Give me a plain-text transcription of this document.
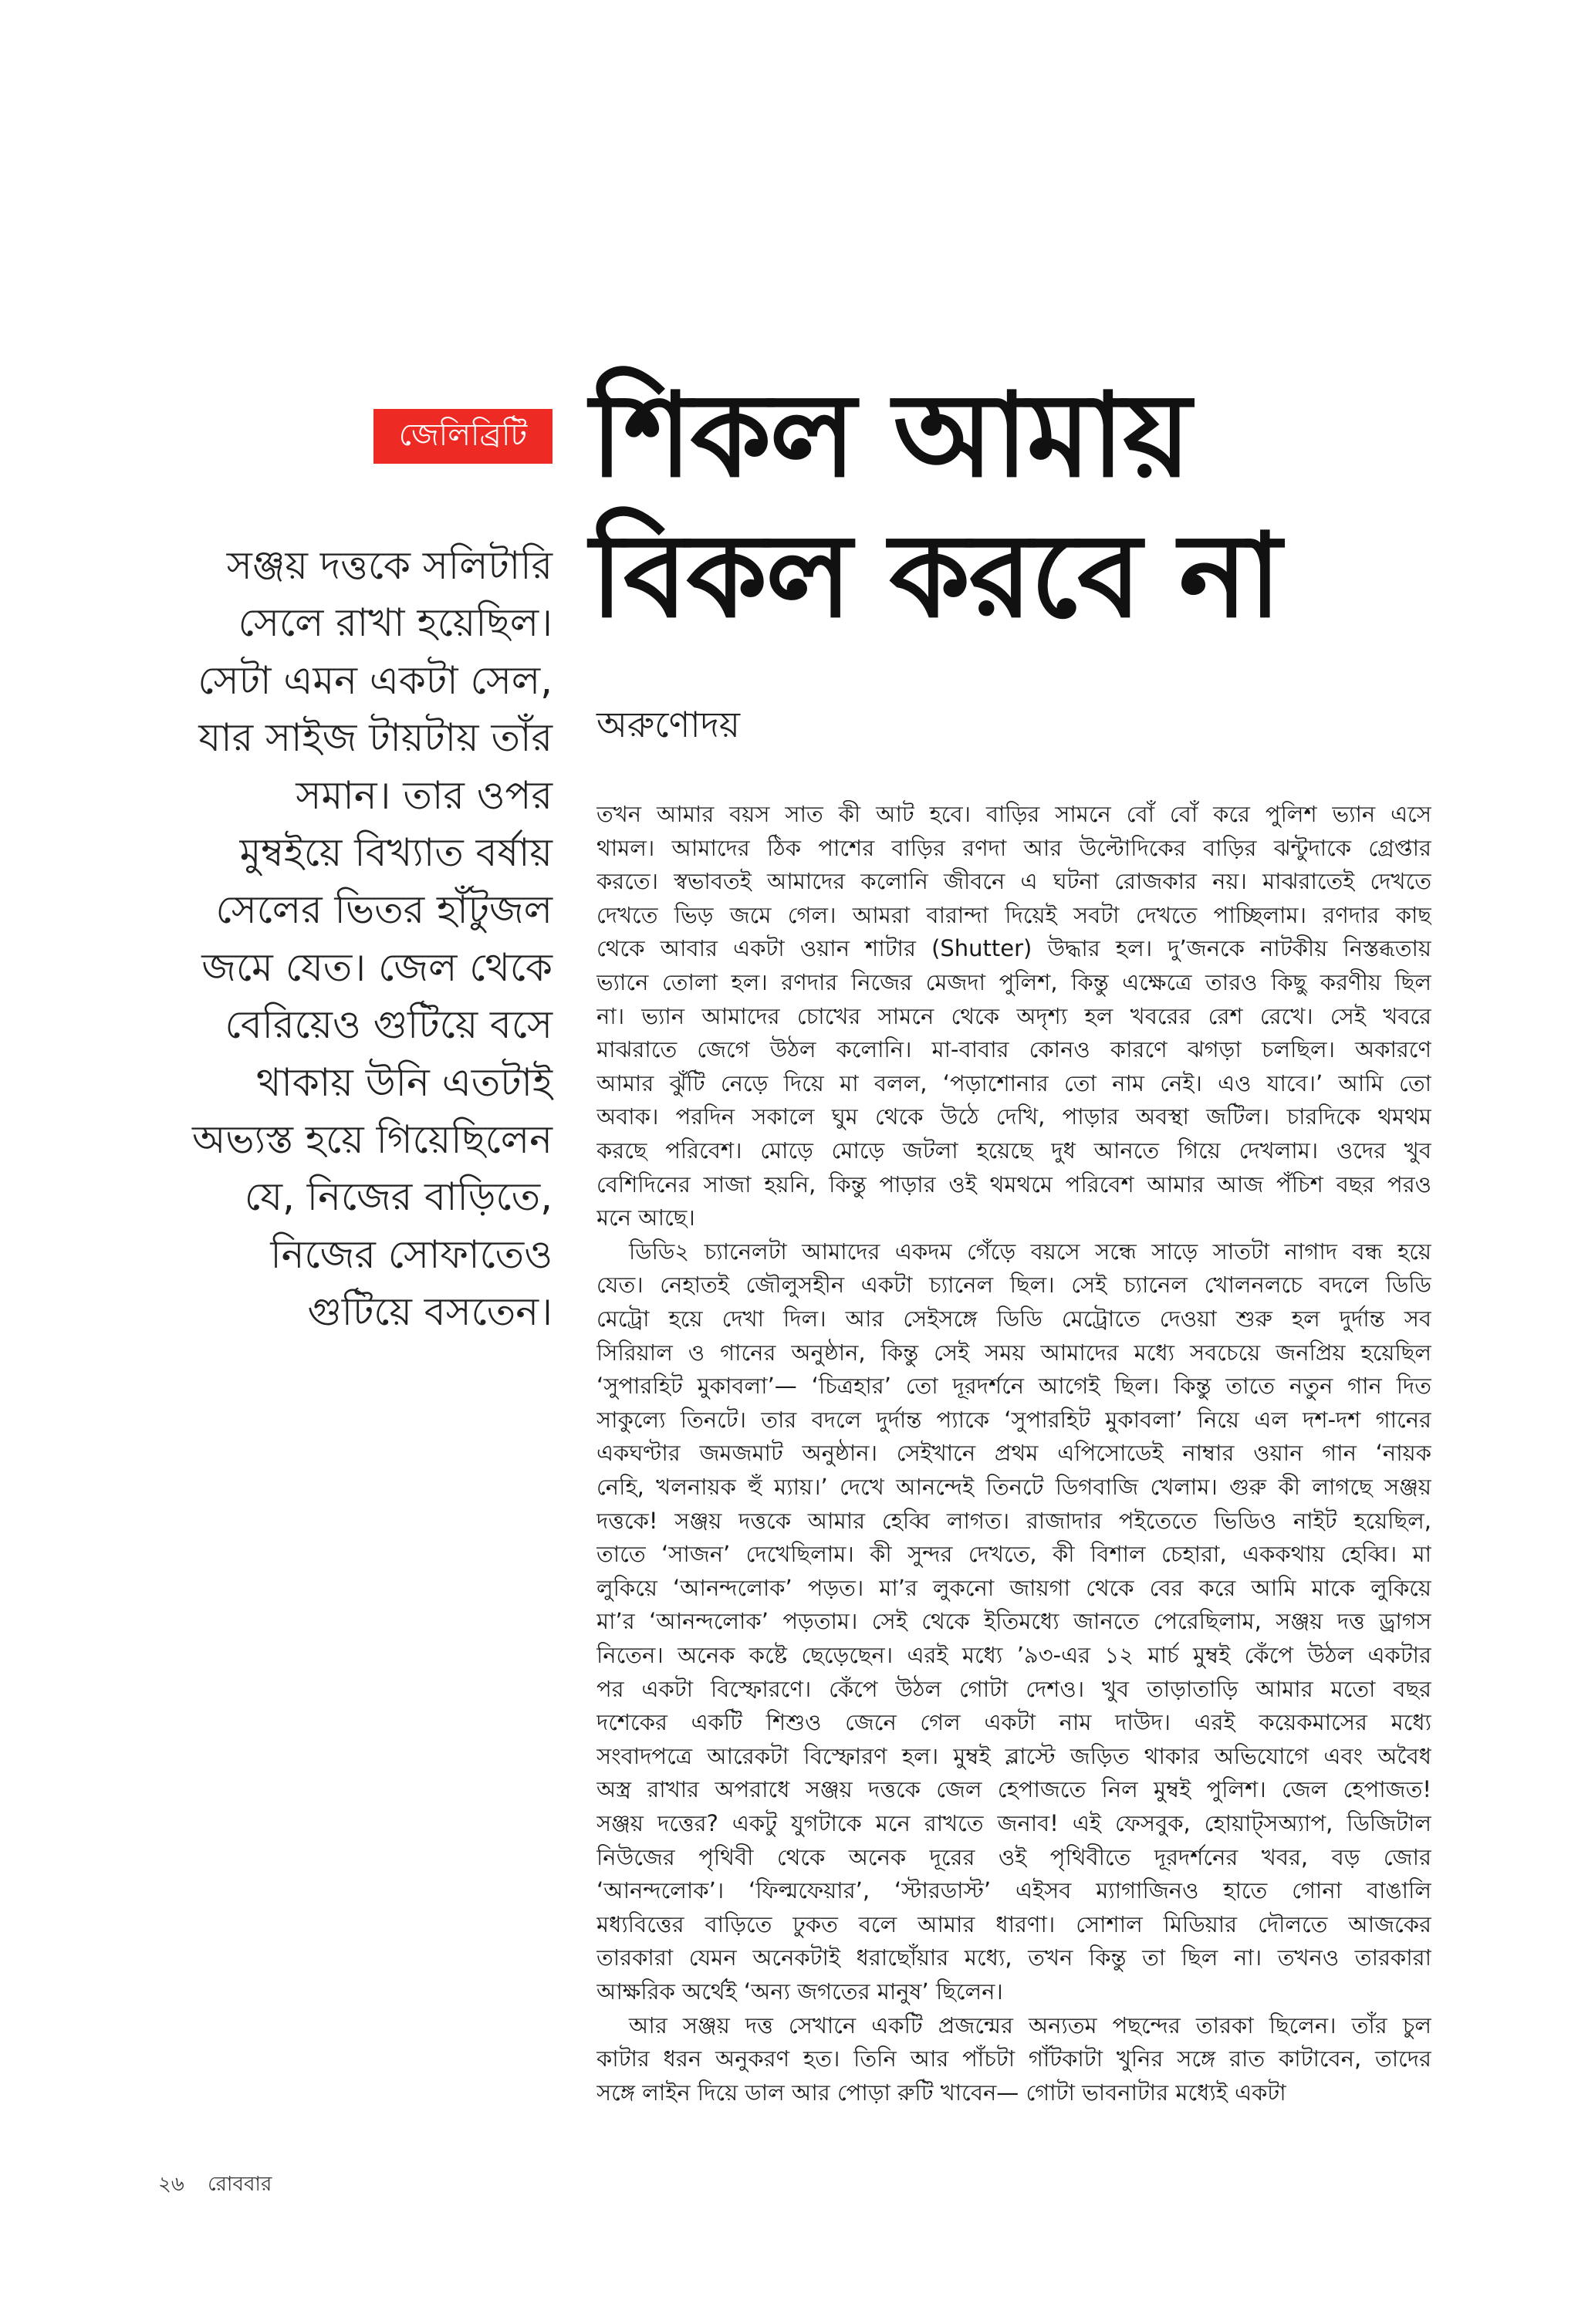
জেলিব্রিটি শিকল আমায়
বিকল করবে না
অরুণোদয়
সঞ্জয় দত্তকে সলিটারি
সেলে রাখা হয়েছিল।
সেটা এমন একটা সেল,
যার সাইজ টায়টায় তাঁর
সমান। তার ওপর
মুম্বইয়ে বিখ্যাত বর্ষায়
সেলের ভিতর হাঁটুজল
জমে যেত। জেল থেকে
বেরিয়েও গুটিয়ে বসে
থাকায় উনি এতটাই
অভ্যস্ত হয়ে গিয়েছিলেন
যে, নিজের বাড়িতে,
নিজের সোফাতেও
গুটিয়ে বসতেন।
তখন আমার বয়স সাত কী আট হবে। বাড়ির সামনে বোঁ বোঁ করে পুলিশ ভ্যান এসে
থামল। আমাদের ঠিক পাশের বাড়ির রণদা আর উল্টোদিকের বাড়ির ঝন্টুদাকে গ্রেপ্তার
করতে। স্বভাবতই আমাদের কলোনি জীবনে এ ঘটনা রোজকার নয়। মাঝরাতেই দেখতে
দেখতে ভিড় জমে গেল। আমরা বারান্দা দিয়েই সবটা দেখতে পাচ্ছিলাম। রণদার কাছ
থেকে আবার একটা ওয়ান শাটার (Shutter) উদ্ধার হল। দু’জনকে নাটকীয় নিস্তব্ধতায়
ভ্যানে তোলা হল। রণদার নিজের মেজদা পুলিশ, কিন্তু এক্ষেত্রে তারও কিছু করণীয় ছিল
না। ভ্যান আমাদের চোখের সামনে থেকে অদৃশ্য হল খবরের রেশ রেখে। সেই খবরে
মাঝরাতে জেগে উঠল কলোনি। মা-বাবার কোনও কারণে ঝগড়া চলছিল। অকারণে
আমার ঝুঁটি নেড়ে দিয়ে মা বলল, ‘পড়াশোনার তো নাম নেই। এও যাবে।’ আমি তো
অবাক। পরদিন সকালে ঘুম থেকে উঠে দেখি, পাড়ার অবস্থা জটিল। চারদিকে থমথম
করছে পরিবেশ। মোড়ে মোড়ে জটলা হয়েছে দুধ আনতে গিয়ে দেখলাম। ওদের খুব
বেশিদিনের সাজা হয়নি, কিন্তু পাড়ার ওই থমথমে পরিবেশ আমার আজ পঁচিশ বছর পরও
মনে আছে।
ডিডি২ চ্যানেলটা আমাদের একদম গেঁড়ে বয়সে সন্ধে সাড়ে সাতটা নাগাদ বন্ধ হয়ে
যেত। নেহাতই জৌলুসহীন একটা চ্যানেল ছিল। সেই চ্যানেল খোলনলচে বদলে ডিডি
মেট্রো হয়ে দেখা দিল। আর সেইসঙ্গে ডিডি মেট্রোতে দেওয়া শুরু হল দুর্দান্ত সব
সিরিয়াল ও গানের অনুষ্ঠান, কিন্তু সেই সময় আমাদের মধ্যে সবচেয়ে জনপ্রিয় হয়েছিল
‘সুপারহিট মুকাবলা’— ‘চিত্রহার’ তো দূরদর্শনে আগেই ছিল। কিন্তু তাতে নতুন গান দিত
সাকুল্যে তিনটে। তার বদলে দুর্দান্ত প্যাকে ‘সুপারহিট মুকাবলা’ নিয়ে এল দশ-দশ গানের
একঘণ্টার জমজমাট অনুষ্ঠান। সেইখানে প্রথম এপিসোডেই নাম্বার ওয়ান গান ‘নায়ক
নেহি, খলনায়ক হুঁ ম্যায়।’ দেখে আনন্দেই তিনটে ডিগবাজি খেলাম। গুরু কী লাগছে সঞ্জয়
দত্তকে! সঞ্জয় দত্তকে আমার হেব্বি লাগত। রাজাদার পইতেতে ভিডিও নাইট হয়েছিল,
তাতে ‘সাজন’ দেখেছিলাম। কী সুন্দর দেখতে, কী বিশাল চেহারা, এককথায় হেব্বি। মা
লুকিয়ে ‘আনন্দলোক’ পড়ত। মা’র লুকনো জায়গা থেকে বের করে আমি মাকে লুকিয়ে
মা’র ‘আনন্দলোক’ পড়তাম। সেই থেকে ইতিমধ্যে জানতে পেরেছিলাম, সঞ্জয় দত্ত ড্রাগস
নিতেন। অনেক কষ্টে ছেড়েছেন। এরই মধ্যে ’৯৩-এর ১২ মার্চ মুম্বই কেঁপে উঠল একটার
পর একটা বিস্ফোরণে। কেঁপে উঠল গোটা দেশও। খুব তাড়াতাড়ি আমার মতো বছর
দশেকের একটি শিশুও জেনে গেল একটা নাম দাউদ। এরই কয়েকমাসের মধ্যে
সংবাদপত্রে আরেকটা বিস্ফোরণ হল। মুম্বই ব্লাস্টে জড়িত থাকার অভিযোগে এবং অবৈধ
অস্ত্র রাখার অপরাধে সঞ্জয় দত্তকে জেল হেপাজতে নিল মুম্বই পুলিশ। জেল হেপাজত!
সঞ্জয় দত্তের? একটু যুগটাকে মনে রাখতে জনাব! এই ফেসবুক, হোয়াট্সঅ্যাপ, ডিজিটাল
নিউজের পৃথিবী থেকে অনেক দূরের ওই পৃথিবীতে দূরদর্শনের খবর, বড় জোর
‘আনন্দলোক’। ‘ফিল্মফেয়ার’, ‘স্টারডাস্ট’ এইসব ম্যাগাজিনও হাতে গোনা বাঙালি
মধ্যবিত্তের বাড়িতে ঢুকত বলে আমার ধারণা। সোশাল মিডিয়ার দৌলতে আজকের
তারকারা যেমন অনেকটাই ধরাছোঁয়ার মধ্যে, তখন কিন্তু তা ছিল না। তখনও তারকারা
আক্ষরিক অর্থেই ‘অন্য জগতের মানুষ’ ছিলেন।
আর সঞ্জয় দত্ত সেখানে একটি প্রজন্মের অন্যতম পছন্দের তারকা ছিলেন। তাঁর চুল
কাটার ধরন অনুকরণ হত। তিনি আর পাঁচটা গাঁটকাটা খুনির সঙ্গে রাত কাটাবেন, তাদের
সঙ্গে লাইন দিয়ে ডাল আর পোড়া রুটি খাবেন— গোটা ভাবনাটার মধ্যেই একটা
২৬ রোববার
